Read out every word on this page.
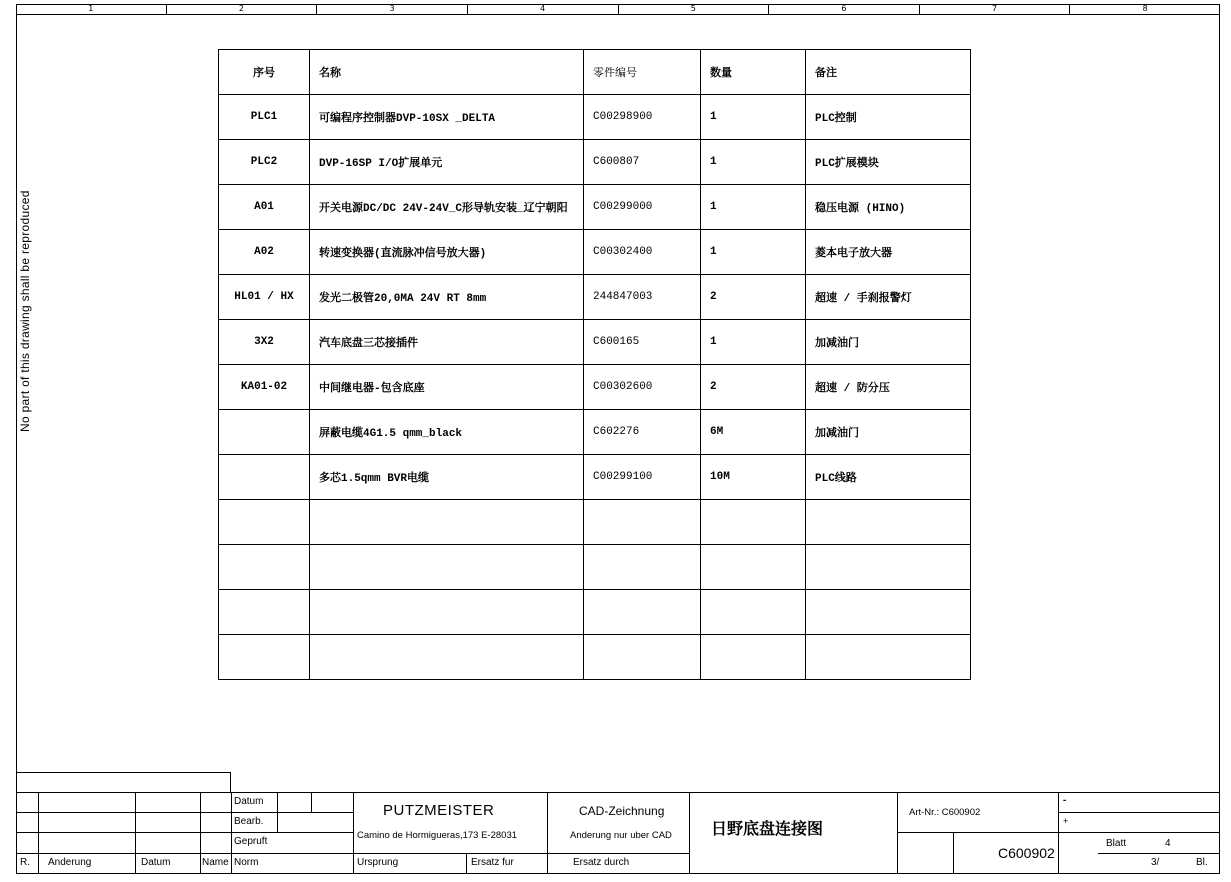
1	2	3	4	5	6	7	8
No part of this drawing shall be reproduced
序号	名称	零件编号	数量	备注
PLC1	可编程序控制器DVP-10SX _DELTA	C00298900	1	PLC控制
PLC2	DVP-16SP I/O扩展单元	C600807	1	PLC扩展模块
A01	开关电源DC/DC 24V-24V_C形导轨安装_辽宁朝阳	C00299000	1	稳压电源 (HINO)
A02	转速变换器(直流脉冲信号放大器)	C00302400	1	菱本电子放大器
HL01 / HX	发光二极管20,0MA 24V RT 8mm	244847003	2	超速 / 手刹报警灯
3X2	汽车底盘三芯接插件	C600165	1	加减油门
KA01-02	中间继电器-包含底座	C00302600	2	超速 / 防分压
	屏蔽电缆4G1.5 qmm_black	C602276	6M	加减油门
	多芯1.5qmm BVR电缆	C00299100	10M	PLC线路

Datum
Bearb.
Gepruft
Norm
R. Anderung	Datum	Name
PUTZMEISTER
Camino de Hormigueras,173 E-28031
Ursprung	Ersatz fur
CAD-Zeichnung
Anderung nur uber CAD
Ersatz durch
日野底盘连接图
Art-Nr.: C600902
-
+
C600902
Blatt	4
3/	Bl.
